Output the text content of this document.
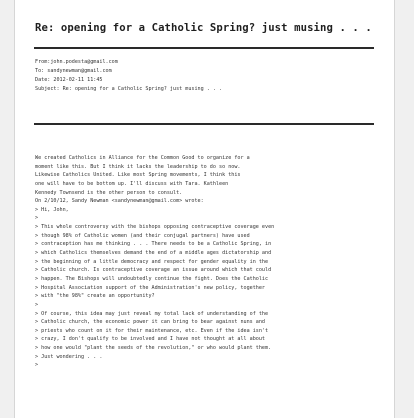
Re: opening for a Catholic Spring? just musing . . .
From:john.podesta@gmail.com
To: sandynewman@gmail.com
Date: 2012-02-11 11:45
Subject: Re: opening for a Catholic Spring? just musing . . .
We created Catholics in Alliance for the Common Good to organize for a
moment like this. But I think it lacks the leadership to do so now.
Likewise Catholics United. Like most Spring movements, I think this
one will have to be bottom up. I'll discuss with Tara. Kathleen
Kennedy Townsend is the other person to consult.
On 2/10/12, Sandy Newman <sandynewman@gmail.com> wrote:
> Hi, John,
>
> This whole controversy with the bishops opposing contraceptive coverage even
> though 98% of Catholic women (and their conjugal partners) have used
> contraception has me thinking . . . There needs to be a Catholic Spring, in
> which Catholics themselves demand the end of a middle ages dictatorship and
> the beginning of a little democracy and respect for gender equality in the
> Catholic church. Is contraceptive coverage an issue around which that could
> happen. The Bishops will undoubtedly continue the fight. Does the Catholic
> Hospital Association support of the Administration's new policy, together
> with "the 98%" create an opportunity?
>
> Of course, this idea may just reveal my total lack of understanding of the
> Catholic church, the economic power it can bring to bear against nuns and
> priests who count on it for their maintenance, etc. Even if the idea isn't
> crazy, I don't qualify to be involved and I have not thought at all about
> how one would "plant the seeds of the revolution," or who would plant them.
> Just wondering . . .
>
